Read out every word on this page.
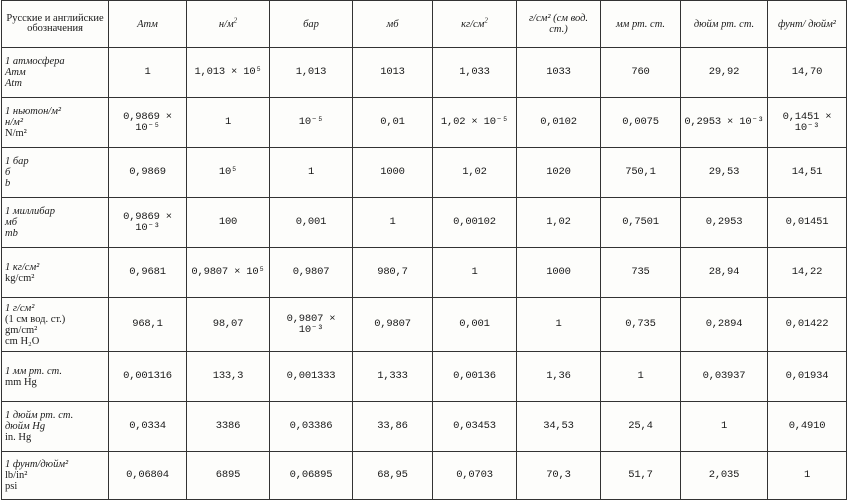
Русские и английские обозначения	Атм	$н/м^2$	бар	мб	$кг/см^2$	г/см² (см вод. ст.)	мм рт. ст.	дюйм рт. ст.	фунт/ дюйм²

1 атмосфера
Атм
Atm	1	1,013 × 10⁵	1,013	1013	1,033	1033	760	29,92	14,70

1 ньютон/м²
н/м²
N/m²	0,9869 × 10⁻⁵	1	10⁻⁵	0,01	1,02 × 10⁻⁵	0,0102	0,0075	0,2953 × 10⁻³	0,1451 × 10⁻³

1 бар
б
b	0,9869	10⁵	1	1000	1,02	1020	750,1	29,53	14,51

1 миллибар
мб
mb	0,9869 × 10⁻³	100	0,001	1	0,00102	1,02	0,7501	0,2953	0,01451

1 кг/см²
kg/cm²	0,9681	0,9807 × 10⁵	0,9807	980,7	1	1000	735	28,94	14,22

1 г/см²
(1 см вод. ст.)
gm/cm²
cm H₂O	968,1	98,07	0,9807 × 10⁻³	0,9807	0,001	1	0,735	0,2894	0,01422

1 мм рт. ст.
mm Hg	0,001316	133,3	0,001333	1,333	0,00136	1,36	1	0,03937	0,01934

1 дюйм рт. ст.
дюйм Hg
in. Hg	0,0334	3386	0,03386	33,86	0,03453	34,53	25,4	1	0,4910

1 фунт/дюйм²
lb/in²
psi	0,06804	6895	0,06895	68,95	0,0703	70,3	51,7	2,035	1
